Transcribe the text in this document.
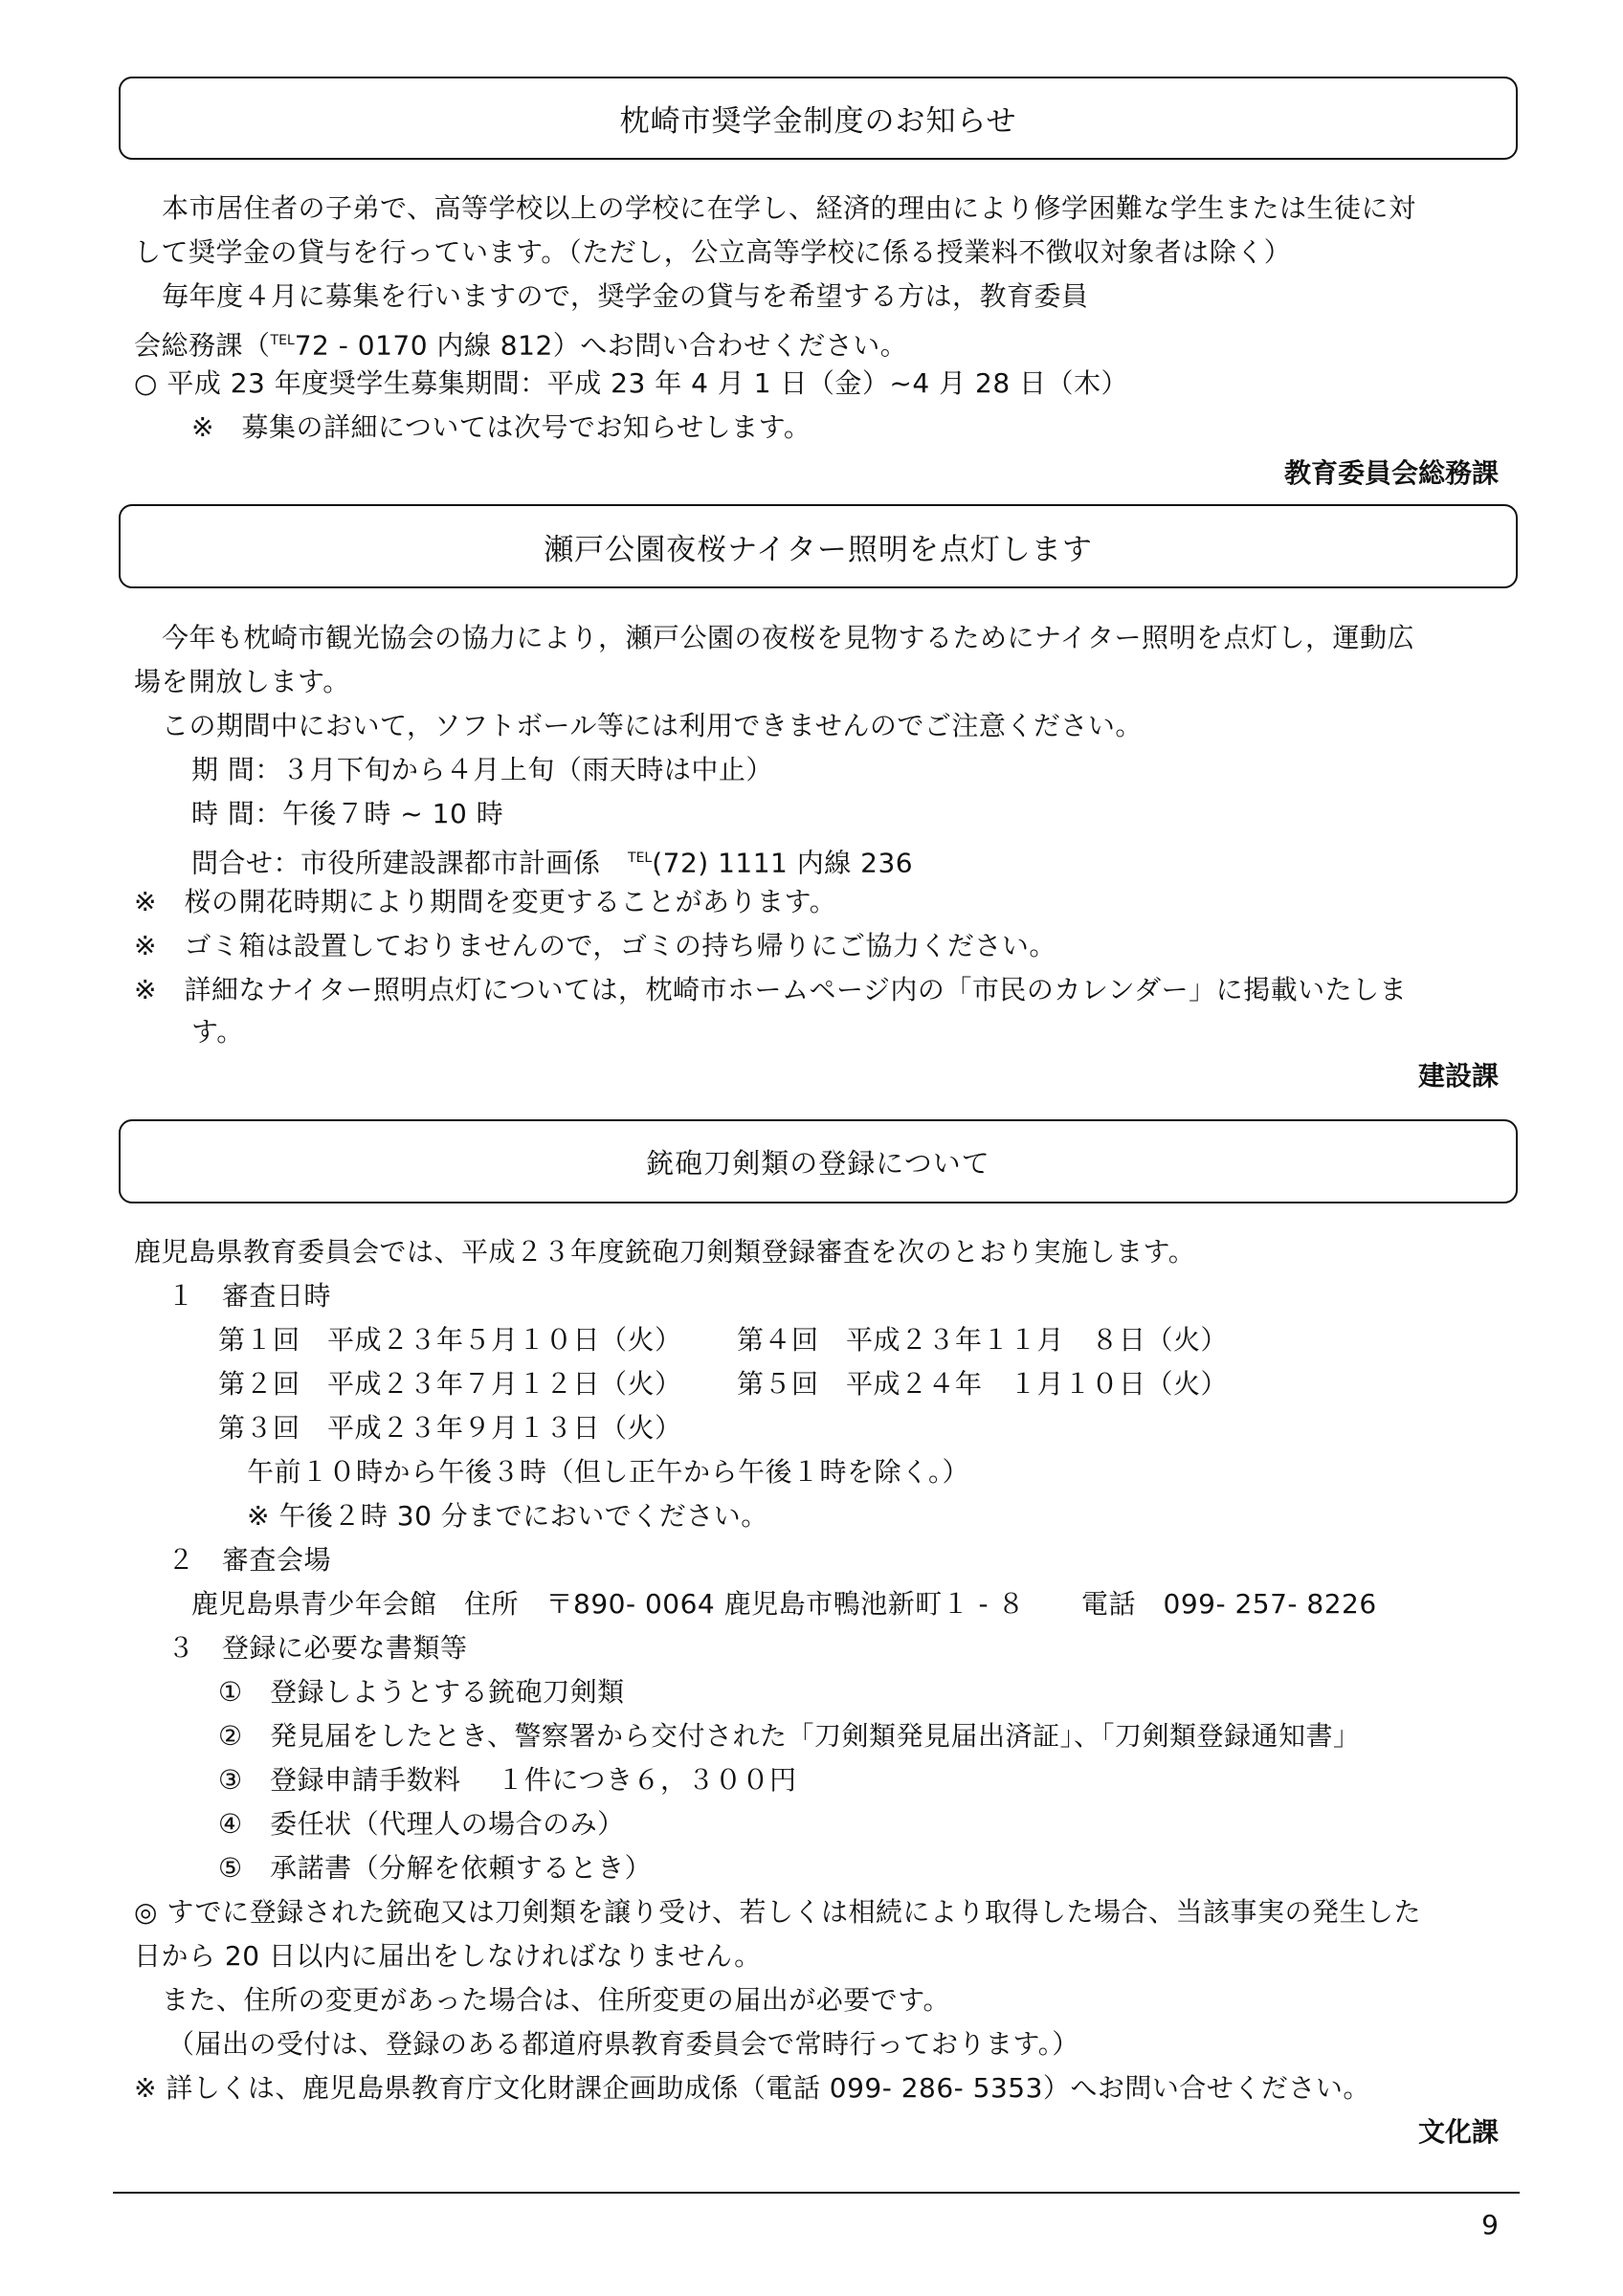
枕崎市奨学金制度のお知らせ
本市居住者の子弟で、高等学校以上の学校に在学し、経済的理由により修学困難な学生または生徒に対
して奨学金の貸与を行っています。（ただし，公立高等学校に係る授業料不徴収対象者は除く）
毎年度４月に募集を行いますので，奨学金の貸与を希望する方は，教育委員
会総務課（$^{TEL}$72 - 0170 内線 812）へお問い合わせください。
○ 平成 23 年度奨学生募集期間：平成 23 年 4 月 1 日（金）~4 月 28 日（木）
※　募集の詳細については次号でお知らせします。
教育委員会総務課
瀬戸公園夜桜ナイター照明を点灯します
今年も枕崎市観光協会の協力により，瀬戸公園の夜桜を見物するためにナイター照明を点灯し，運動広
場を開放します。
この期間中において，ソフトボール等には利用できませんのでご注意ください。
期 間：３月下旬から４月上旬（雨天時は中止）
時 間：午後７時 ~ 10 時
問合せ：市役所建設課都市計画係　 $^{TEL}$(72) 1111 内線 236
※　桜の開花時期により期間を変更することがあります。
※　ゴミ箱は設置しておりませんので，ゴミの持ち帰りにご協力ください。
※　詳細なナイター照明点灯については，枕崎市ホームページ内の「市民のカレンダー」に掲載いたしま
す。
建設課
銃砲刀剣類の登録について
鹿児島県教育委員会では、平成２３年度銃砲刀剣類登録審査を次のとおり実施します。
１　審査日時
第１回　平成２３年５月１０日（火） 第４回　平成２３年１１月　８日（火）
第２回　平成２３年７月１２日（火） 第５回　平成２４年　１月１０日（火）
第３回　平成２３年９月１３日（火）
午前１０時から午後３時（但し正午から午後１時を除く。）
※ 午後２時 30 分までにおいでください。
２　審査会場
鹿児島県青少年会館　住所　〒890- 0064 鹿児島市鴨池新町１ - ８ 電話　099- 257- 8226
３　登録に必要な書類等
①　登録しようとする銃砲刀剣類
②　発見届をしたとき、警察署から交付された「刀剣類発見届出済証」、「刀剣類登録通知書」
③　登録申請手数料　 １件につき６，３００円
④　委任状（代理人の場合のみ）
⑤　承諾書（分解を依頼するとき）
◎ すでに登録された銃砲又は刀剣類を譲り受け、若しくは相続により取得した場合、当該事実の発生した
日から 20 日以内に届出をしなければなりません。
また、住所の変更があった場合は、住所変更の届出が必要です。
（届出の受付は、登録のある都道府県教育委員会で常時行っております。）
※ 詳しくは、鹿児島県教育庁文化財課企画助成係（電話 099- 286- 5353）へお問い合せください。
文化課
9
